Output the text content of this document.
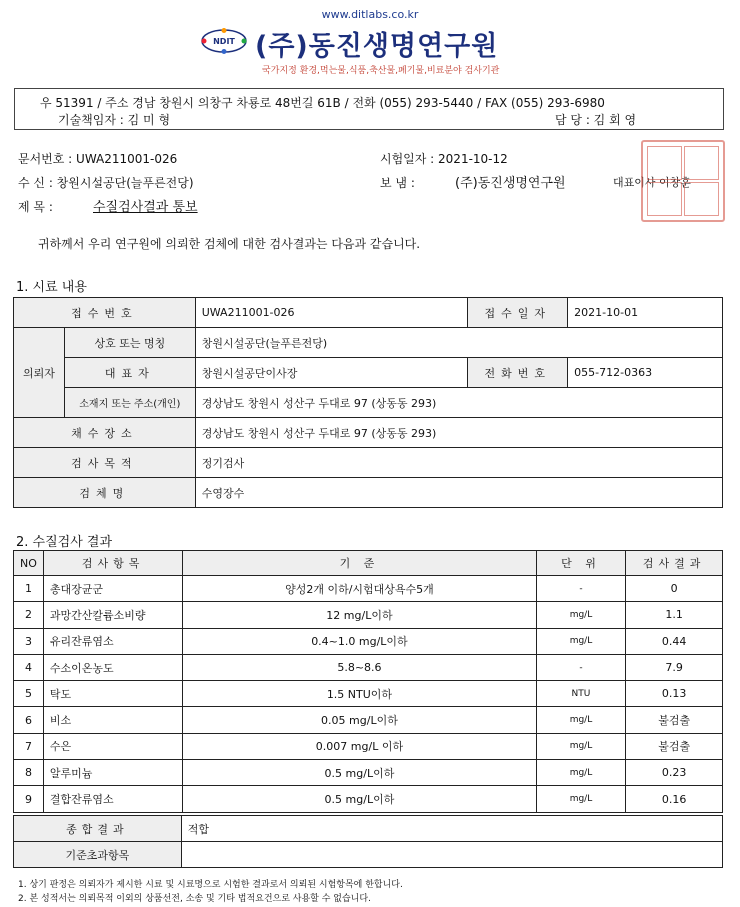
www.ditlabs.co.kr
NDIT (주)동진생명연구원
국가지정 환경,먹는물,식품,축산물,폐기물,비료분야 검사기관
우 51391 / 주소 경남 창원시 의창구 차룡로 48번길 61B / 전화 (055) 293-5440 / FAX (055) 293-6980
기술책임자 : 김 미 형	담 당 : 김 회 영
문서번호 : UWA211001-026
수 신 : 창원시설공단(늘푸른전당)
제 목 :	수질검사결과 통보
시험일자 : 2021-10-12
보 냄 :	(주)동진생명연구원	대표이사 이창훈
귀하께서 우리 연구원에 의뢰한 검체에 대한 검사결과는 다음과 같습니다.
1. 시료 내용
접수번호		UWA211001-026	접수일자	2021-10-01
의뢰자	상호 또는 명칭	창원시설공단(늘푸른전당)		
	대표자	창원시설공단이사장	전화번호	055-712-0363
	소재지 또는 주소(개인)	경상남도 창원시 성산구 두대로 97 (상동동 293)		
채수장소		경상남도 창원시 성산구 두대로 97 (상동동 293)		
검사목적		정기검사		
검체명		수영장수		
2. 수질검사 결과
NO	검사항목	기 준	단 위	검사결과
1	총대장균군	양성2개 이하/시험대상욕수5개	-	0
2	과망간산칼륨소비량	12 mg/L이하	mg/L	1.1
3	유리잔류염소	0.4~1.0 mg/L이하	mg/L	0.44
4	수소이온농도	5.8~8.6	-	7.9
5	탁도	1.5 NTU이하	NTU	0.13
6	비소	0.05 mg/L이하	mg/L	불검출
7	수은	0.007 mg/L 이하	mg/L	불검출
8	알루미늄	0.5 mg/L이하	mg/L	0.23
9	결합잔류염소	0.5 mg/L이하	mg/L	0.16
종합결과	적합
기준초과항목	
1. 상기 판정은 의뢰자가 제시한 시료 및 시료명으로 시험한 결과로서 의뢰된 시험항목에 한합니다.
2. 본 성적서는 의뢰목적 이외의 상품선전, 소송 및 기타 법적요건으로 사용할 수 없습니다.
